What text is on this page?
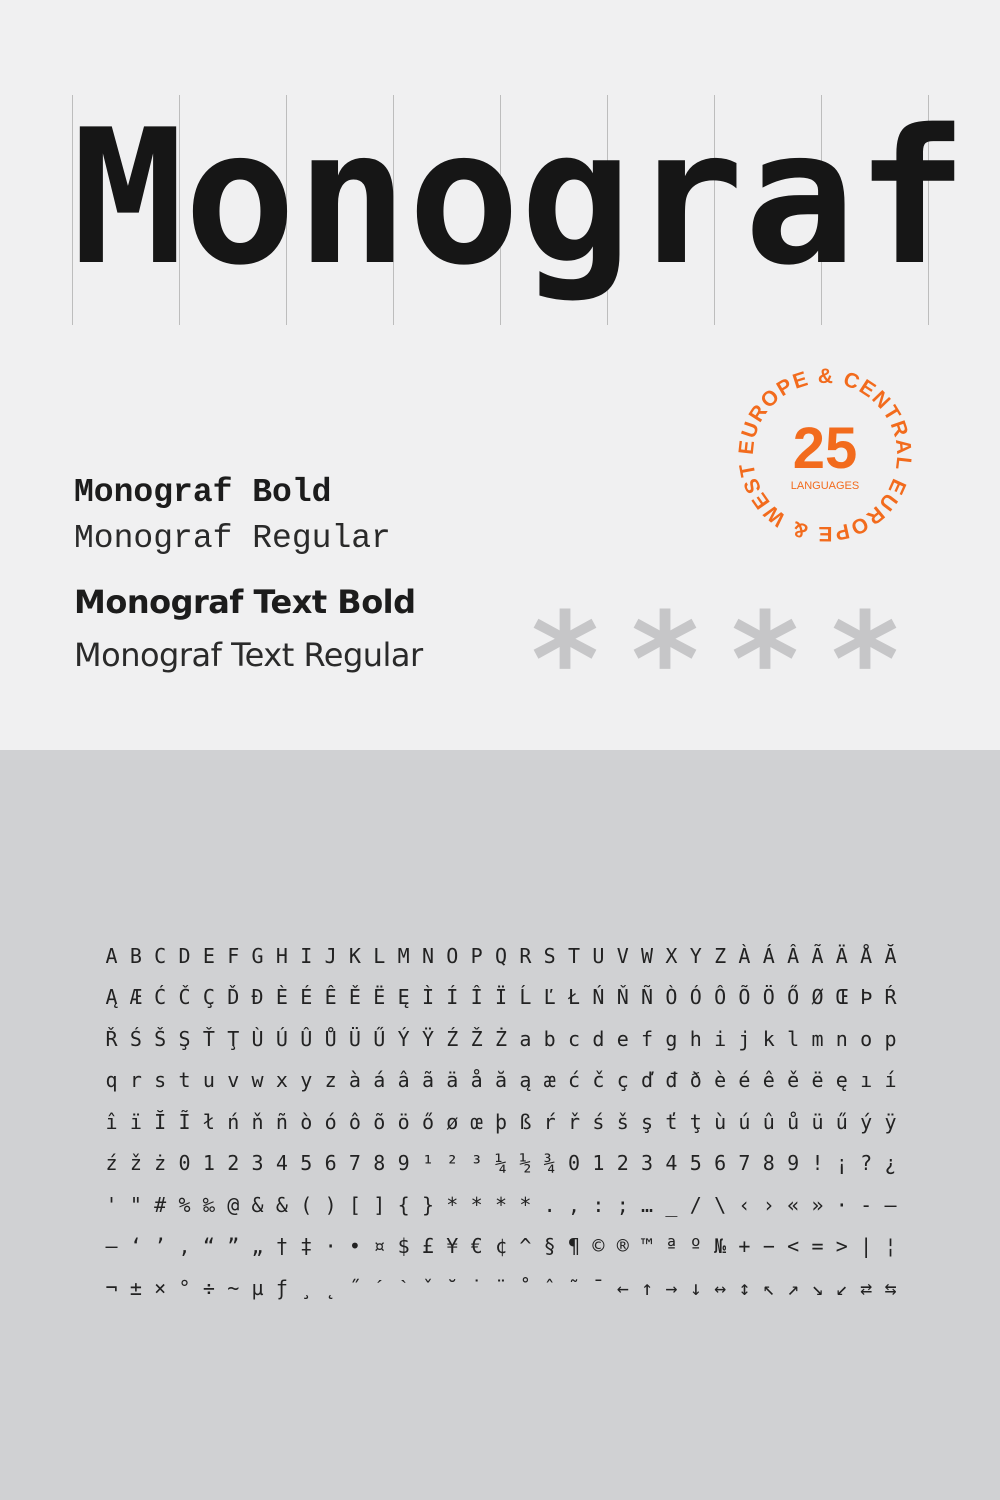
M o n o g r a f
EUROPE & CENTRAL EUROPE & WEST 25
LANGUAGES
Monograf Bold
Monograf Regular
Monograf Text Bold
Monograf Text Regular * * * *
A B C D E F G H I J K L M N O P Q R S T U V W X Y Z À Á Â Ã Ä Å Ă
Ą Æ Ć Č Ç Ď Đ È É Ê Ě Ë Ę Ì Í Î Ï Ĺ Ľ Ł Ń Ň Ñ Ò Ó Ô Õ Ö Ő Ø Œ Þ Ŕ
Ř Ś Š Ş Ť Ţ Ù Ú Û Ů Ü Ű Ý Ÿ Ź Ž Ż a b c d e f g h i j k l m n o p
q r s t u v w x y z à á â ã ä å ă ą æ ć č ç ď đ ð è é ê ě ë ę ı í
î ï Ĭ Ĩ ł ń ň ñ ò ó ô õ ö ő ø œ þ ß ŕ ř ś š ş ť ţ ù ú û ů ü ű ý ÿ
ź ž ż 0 1 2 3 4 5 6 7 8 9 ¹ ² ³ ¼ ½ ¾ 0 1 2 3 4 5 6 7 8 9 ! ¡ ? ¿
' " # % ‰ @ & & ( ) [ ] { } * * * * . , : ; … _ / \ ‹ › « » · - –
— ‘ ’ ‚ “ ” „ † ‡ · • ¤ $ £ ¥ € ¢ ^ § ¶ © ® ™ ª º № + − < = > | ¦
¬ ± × ° ÷ ~ µ ƒ ¸ ˛ ˝ ˊ ˋ ˇ ˘ ˙ ¨ ˚ ˆ ˜ ¯ ← ↑ → ↓ ↔ ↕ ↖ ↗ ↘ ↙ ⇄ ⇆
